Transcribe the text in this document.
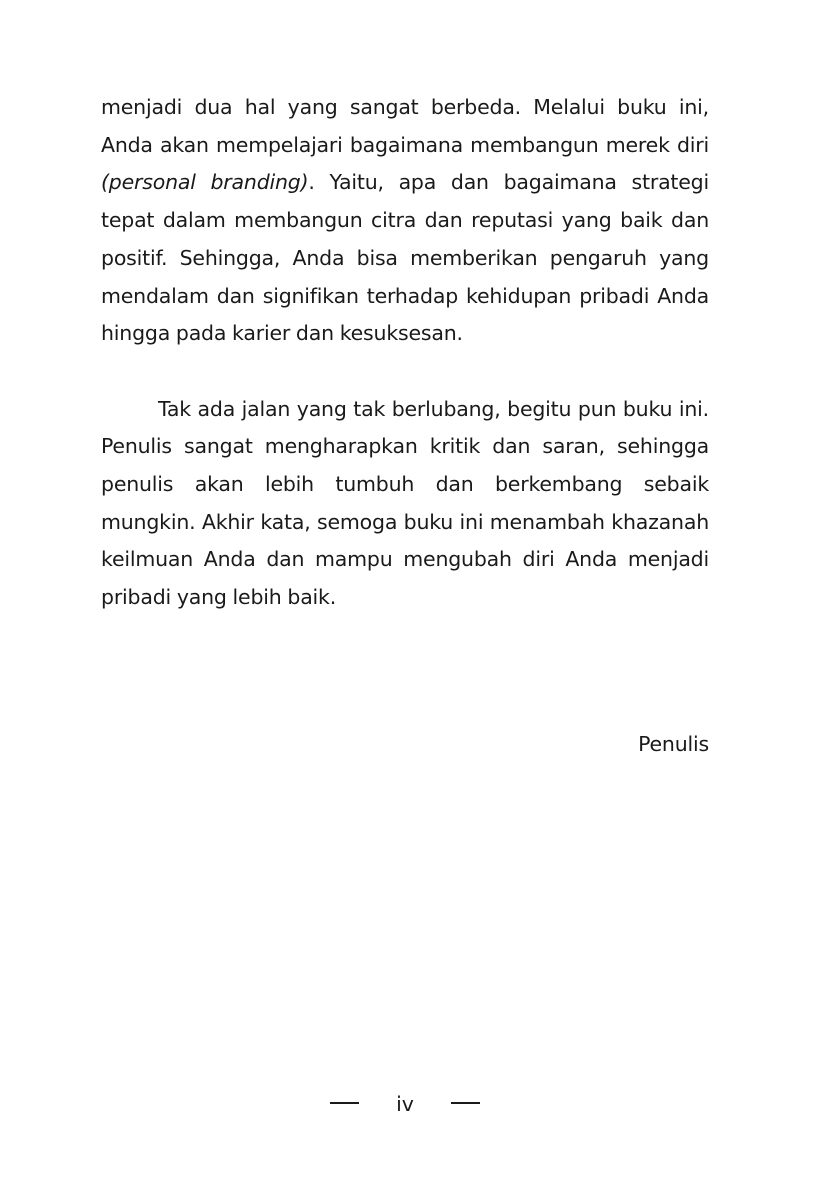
menjadi dua hal yang sangat berbeda. Melalui buku ini, Anda akan mempelajari bagaimana membangun merek diri (personal branding). Yaitu, apa dan bagaimana strategi tepat dalam membangun citra dan reputasi yang baik dan positif. Sehingga, Anda bisa memberikan pengaruh yang mendalam dan signifikan terhadap kehidupan pribadi Anda hingga pada karier dan kesuksesan.

Tak ada jalan yang tak berlubang, begitu pun buku ini. Penulis sangat mengharapkan kritik dan saran, sehingga penulis akan lebih tumbuh dan berkembang sebaik mungkin. Akhir kata, semoga buku ini menambah khazanah keilmuan Anda dan mampu mengubah diri Anda menjadi pribadi yang lebih baik.

Penulis
iv
